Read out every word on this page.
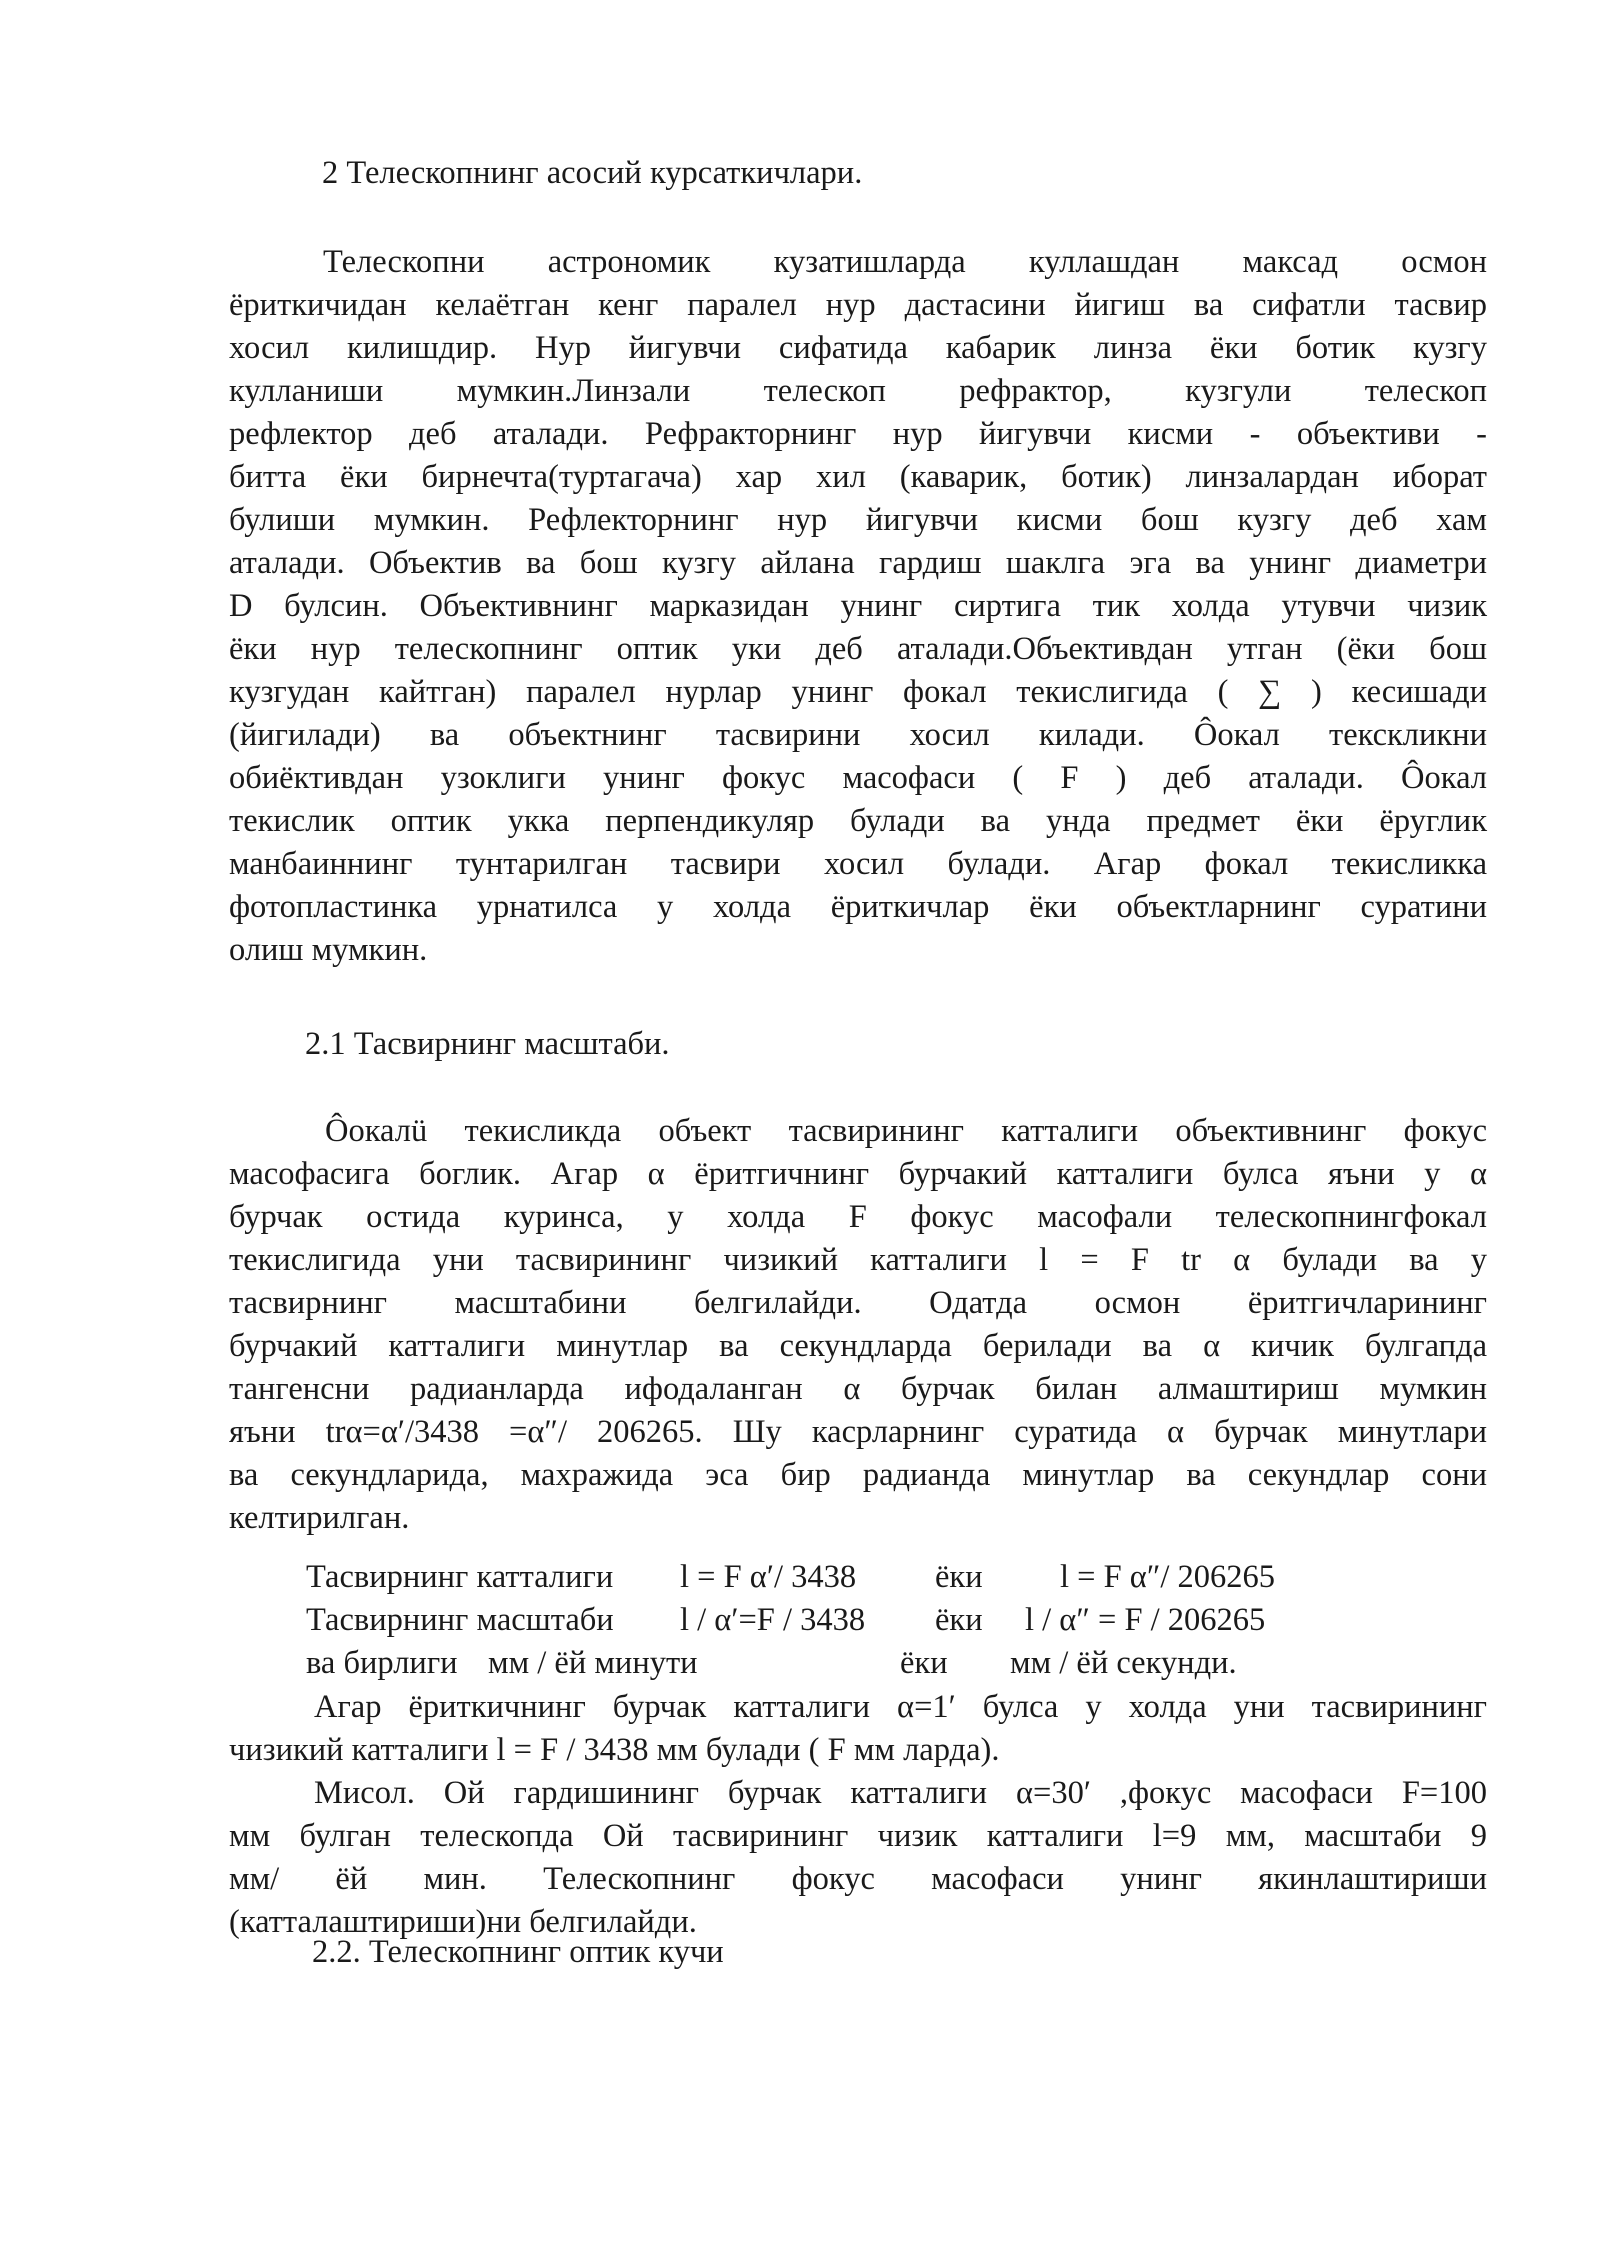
2 Телескопнинг асосий курсаткичлари.
Телескопни астрономик кузатишларда куллашдан максад осмон
ёриткичидан келаётган кенг паралел нур дастасини йигиш ва сифатли тасвир
хосил килишдир. Нур йигувчи сифатида кабарик линза ёки ботик кузгу
кулланиши мумкин.Линзали телескоп рефрактор, кузгули телескоп
рефлектор деб аталади. Рефракторнинг нур йигувчи кисми - объективи -
битта ёки бирнечта(туртагача) хар хил (каварик, ботик) линзалардан иборат
булиши мумкин. Рефлекторнинг нур йигувчи кисми бош кузгу деб хам
аталади. Объектив ва бош кузгу айлана гардиш шаклга эга ва унинг диаметри
D булсин. Объективнинг марказидан унинг сиртига тик холда утувчи чизик
ёки нур телескопнинг оптик уки деб аталади.Объективдан утган (ёки бош
кузгудан кайтган) паралел нурлар унинг фокал текислигида ( ∑ ) кесишади
(йигилади) ва объектнинг тасвирини хосил килади. Ôокал текскликни
обиёктивдан узоклиги унинг фокус масофаси ( F ) деб аталади. Ôокал
текислик оптик укка перпендикуляр булади ва унда предмет ёки ёруглик
манбаиннинг тунтарилган тасвири хосил булади. Агар фокал текисликка
фотопластинка урнатилса у холда ёриткичлар ёки объектларнинг суратини
олиш мумкин.
2.1 Тасвирнинг масштаби.
Ôокалü текисликда объект тасвирининг катталиги объективнинг фокус
масофасига боглик. Агар α ёритгичнинг бурчакий катталиги булса яъни у α
бурчак остида куринса, у холда F фокус масофали телескопнингфокал
текислигида уни тасвирининг чизикий катталиги l = F tr α булади ва у
тасвирнинг масштабини белгилайди. Одатда осмон ёритгичларининг
бурчакий катталиги минутлар ва секундларда берилади ва α кичик булгапда
тангенсни радианларда ифодаланган α бурчак билан алмаштириш мумкин
яъни trα=α′/3438 =α″/ 206265. Шу касрларнинг суратида α бурчак минутлари
ва секундларида, махражида эса бир радианда минутлар ва секундлар сони
келтирилган.
Тасвирнинг катталиги l = F α′/ 3438 ёки l = F α″/ 206265
Тасвирнинг масштаби l / α′=F / 3438 ёки l / α″ = F / 206265
ва бирлиги мм / ёй минути	ёки мм / ёй секунди.
Агар ёриткичнинг бурчак катталиги α=1′ булса у холда уни тасвирининг
чизикий катталиги l = F / 3438 мм булади ( F мм ларда).
Мисол. Ой гардишининг бурчак катталиги α=30′ ,фокус масофаси F=100
мм булган телескопда Ой тасвирининг чизик катталиги l=9 мм, масштаби 9
мм/ ёй мин. Телескопнинг фокус масофаси унинг якинлаштириши
(катталаштириши)ни белгилайди.
2.2. Телескопнинг оптик кучи
